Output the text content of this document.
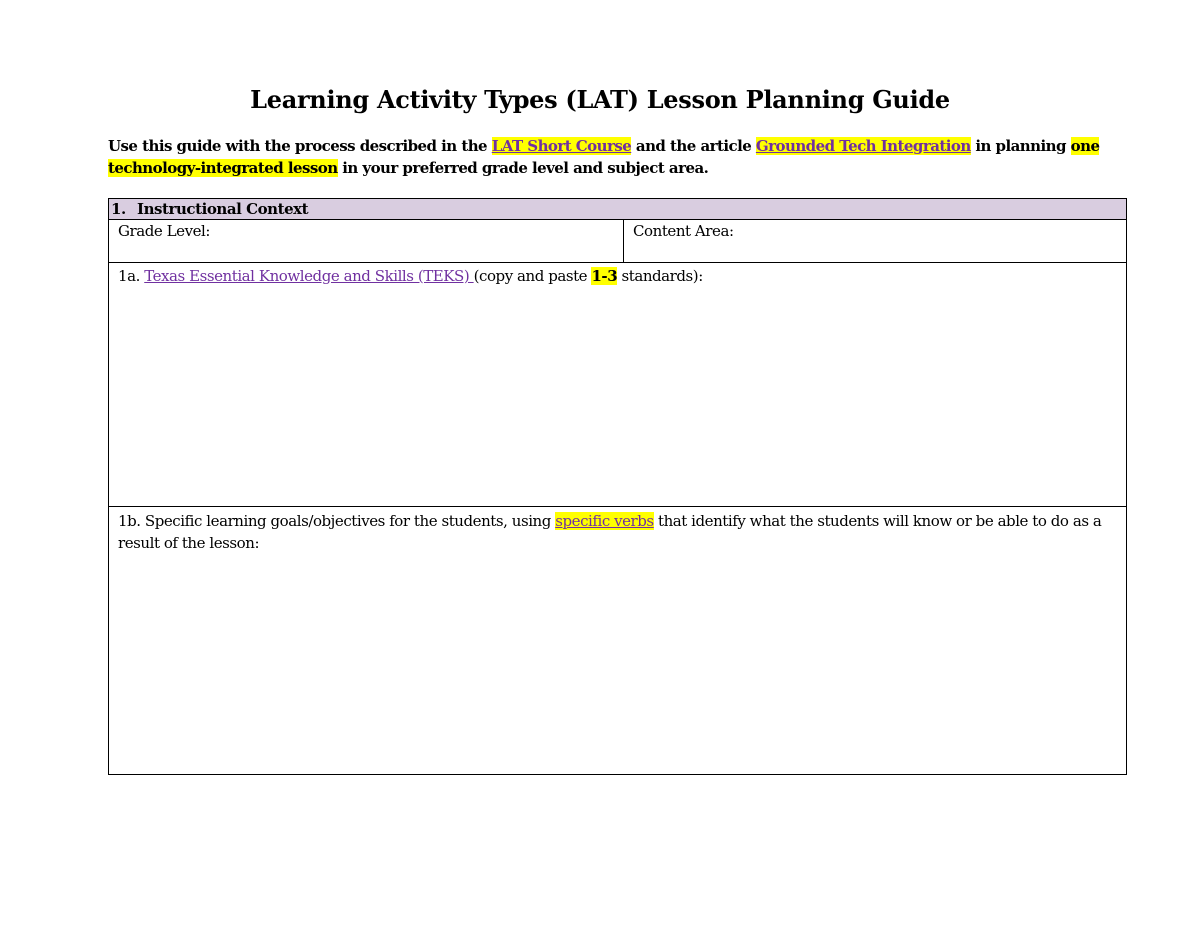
Learning Activity Types (LAT) Lesson Planning Guide
Use this guide with the process described in the LAT Short Course and the article Grounded Tech Integration in planning one technology-integrated lesson in your preferred grade level and subject area.
1. Instructional Context
Grade Level:	Content Area:
1a. Texas Essential Knowledge and Skills (TEKS) (copy and paste 1-3 standards):
1b. Specific learning goals/objectives for the students, using specific verbs that identify what the students will know or be able to do as a result of the lesson:
